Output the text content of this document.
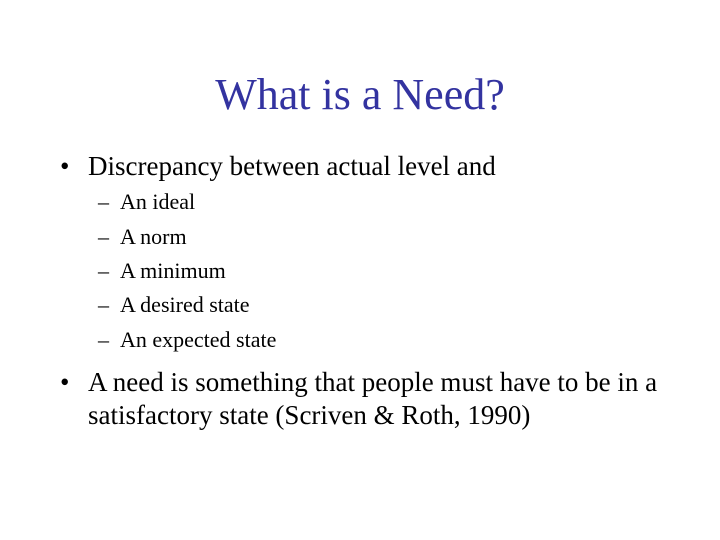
What is a Need?
• Discrepancy between actual level and
– An ideal
– A norm
– A minimum
– A desired state
– An expected state
• A need is something that people must have to be in a satisfactory state (Scriven & Roth, 1990)
